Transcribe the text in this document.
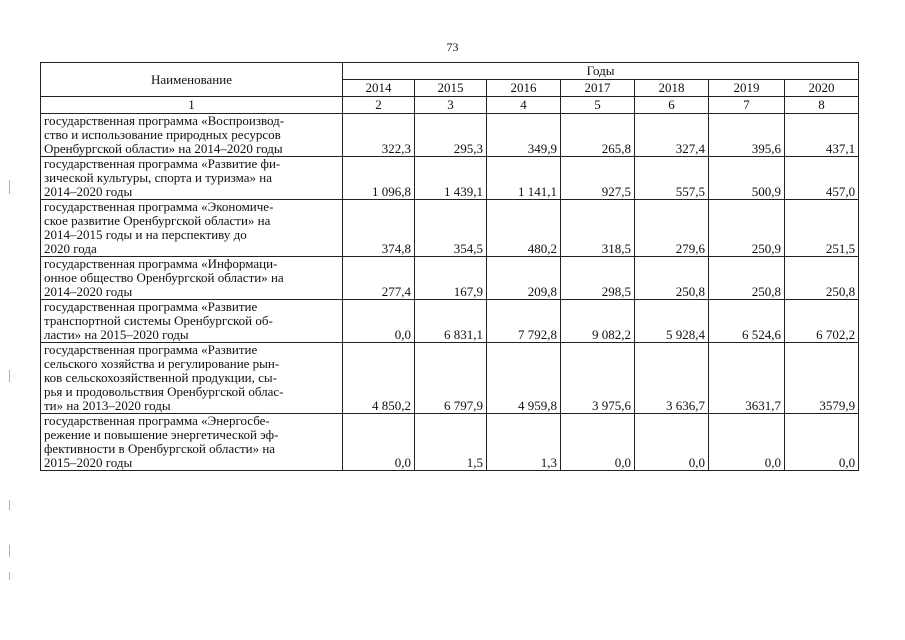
73
Наименование	Годы						
	2014	2015	2016	2017	2018	2019	2020
1	2	3	4	5	6	7	8

государственная программа «Воспроизвод-
ство и использование природных ресурсов
Оренбургской области» на 2014–2020 годы	322,3	295,3	349,9	265,8	327,4	395,6	437,1

государственная программа «Развитие фи-
зической культуры, спорта и туризма» на
2014–2020 годы	1 096,8	1 439,1	1 141,1	927,5	557,5	500,9	457,0

государственная программа «Экономиче-
ское развитие Оренбургской области» на
2014–2015 годы и на перспективу до
2020 года	374,8	354,5	480,2	318,5	279,6	250,9	251,5

государственная программа «Информаци-
онное общество Оренбургской области» на
2014–2020 годы	277,4	167,9	209,8	298,5	250,8	250,8	250,8

государственная программа «Развитие
транспортной системы Оренбургской об-
ласти» на 2015–2020 годы	0,0	6 831,1	7 792,8	9 082,2	5 928,4	6 524,6	6 702,2

государственная программа «Развитие
сельского хозяйства и регулирование рын-
ков сельскохозяйственной продукции, сы-
рья и продовольствия Оренбургской облас-
ти» на 2013–2020 годы	4 850,2	6 797,9	4 959,8	3 975,6	3 636,7	3631,7	3579,9

государственная программа «Энергосбе-
режение и повышение энергетической эф-
фективности в Оренбургской области» на
2015–2020 годы	0,0	1,5	1,3	0,0	0,0	0,0	0,0
